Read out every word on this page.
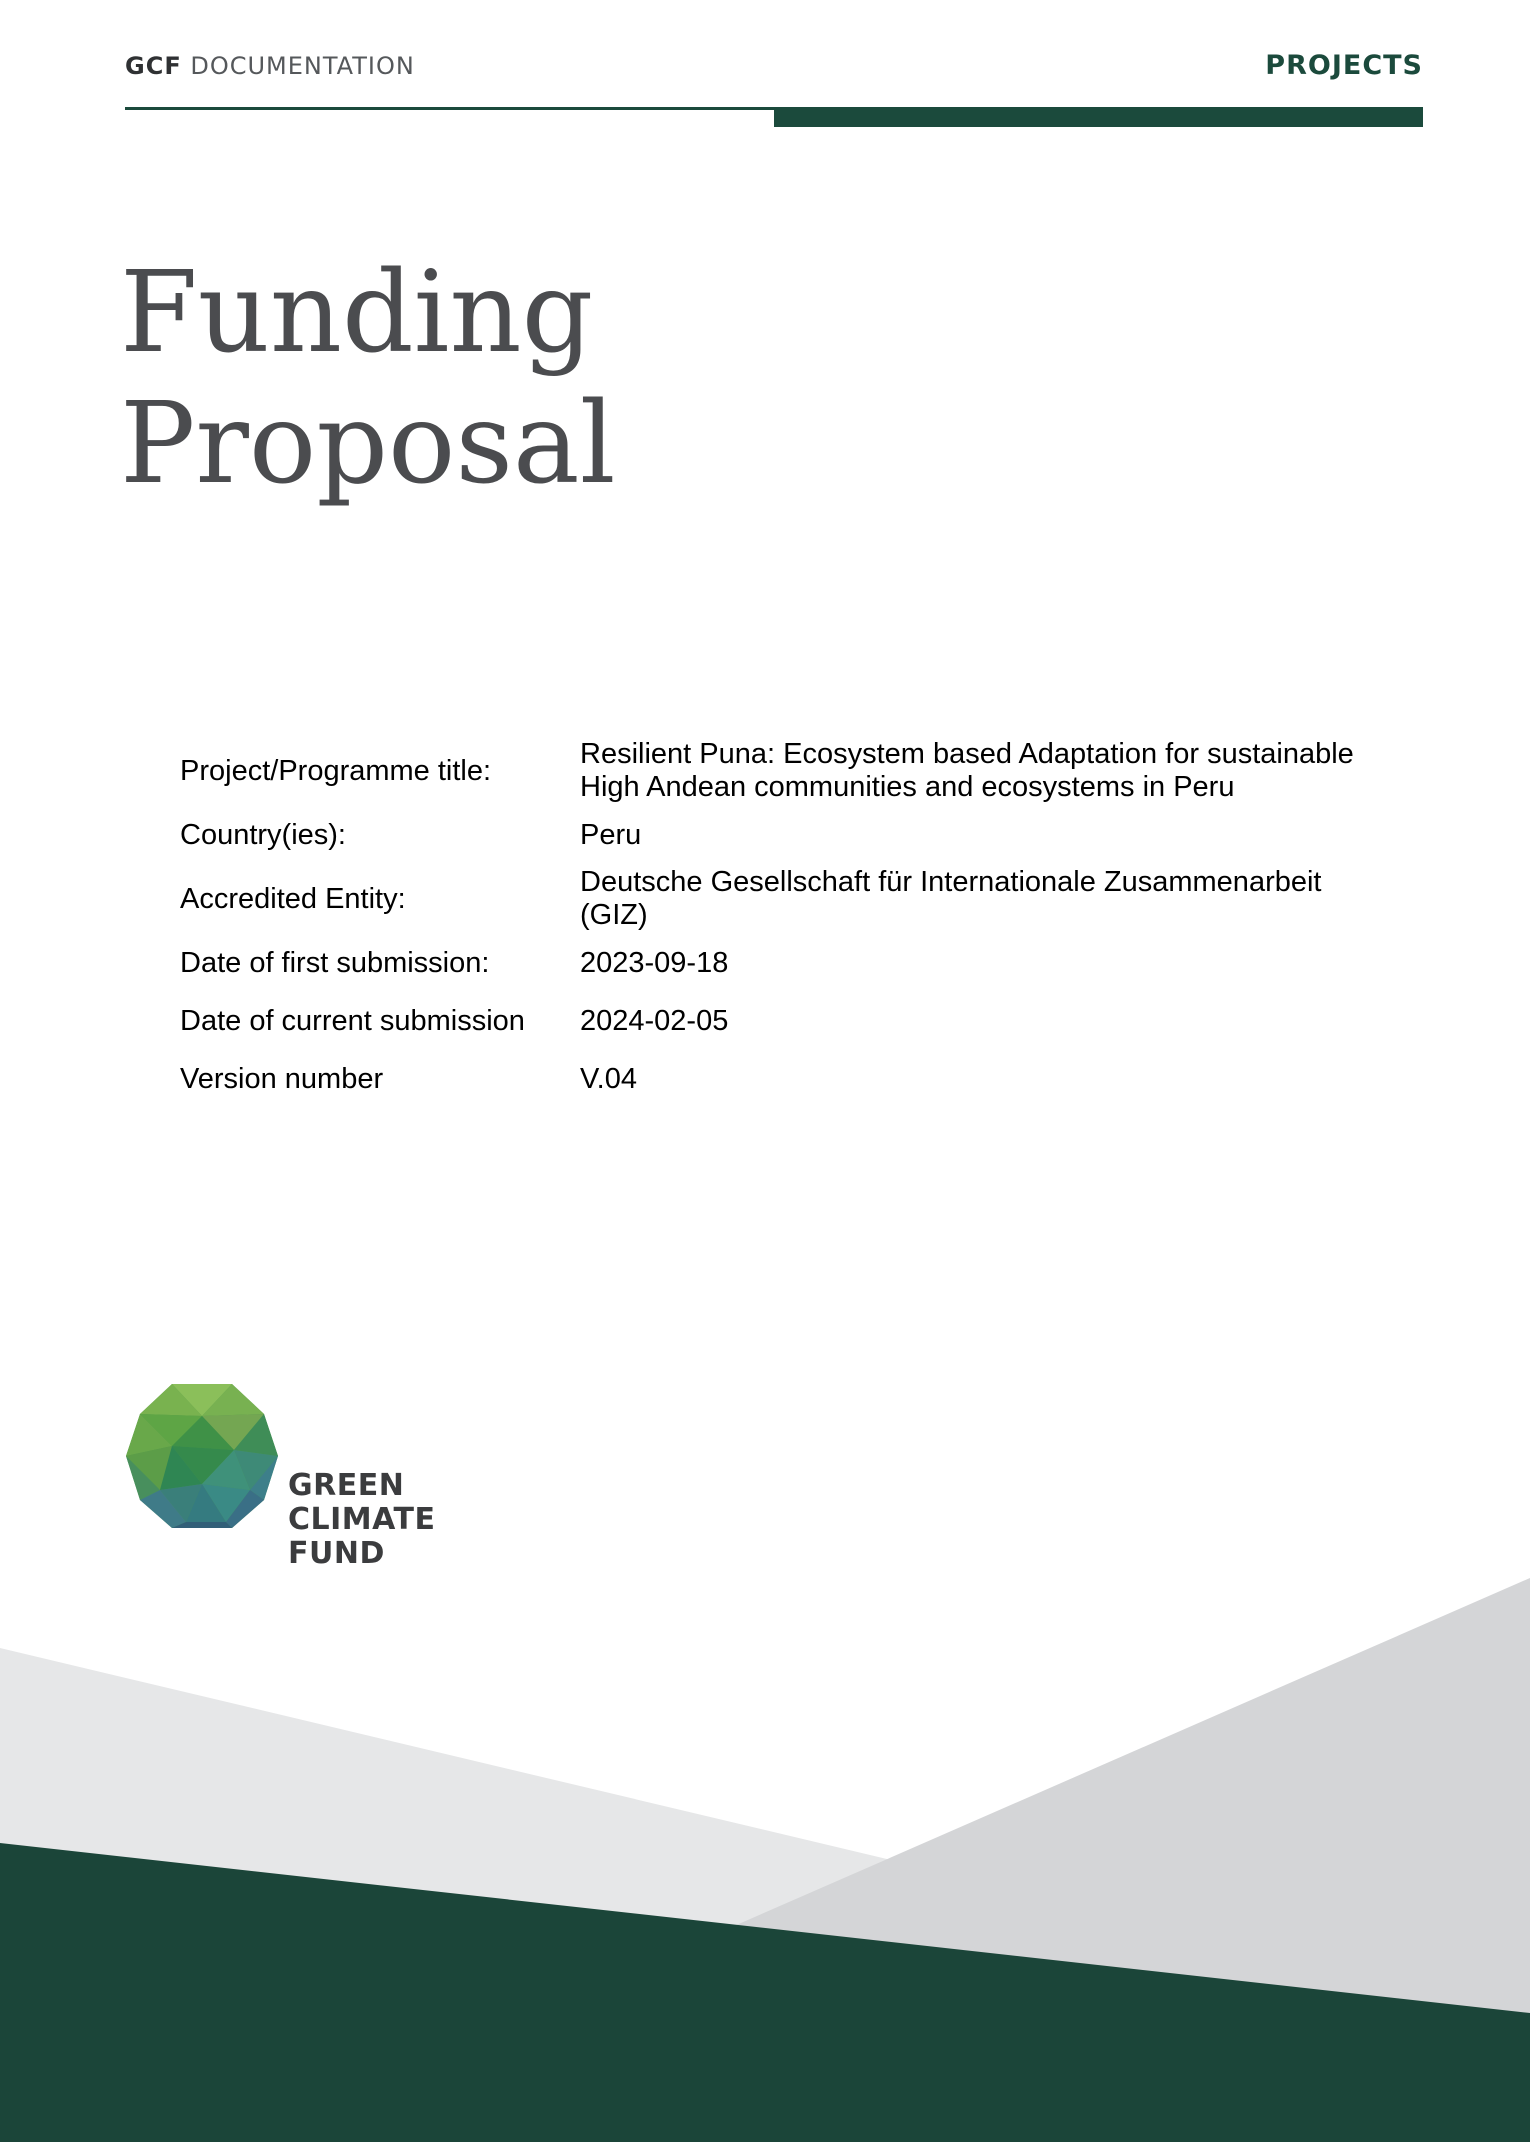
GCF DOCUMENTATION	PROJECTS
Funding
Proposal
Project/Programme title:	Resilient Puna: Ecosystem based Adaptation for sustainable
High Andean communities and ecosystems in Peru
Country(ies):	Peru
Accredited Entity:	Deutsche Gesellschaft für Internationale Zusammenarbeit
(GIZ)
Date of first submission:	2023-09-18
Date of current submission	2024-02-05
Version number	V.04
GREEN
CLIMATE
FUND
